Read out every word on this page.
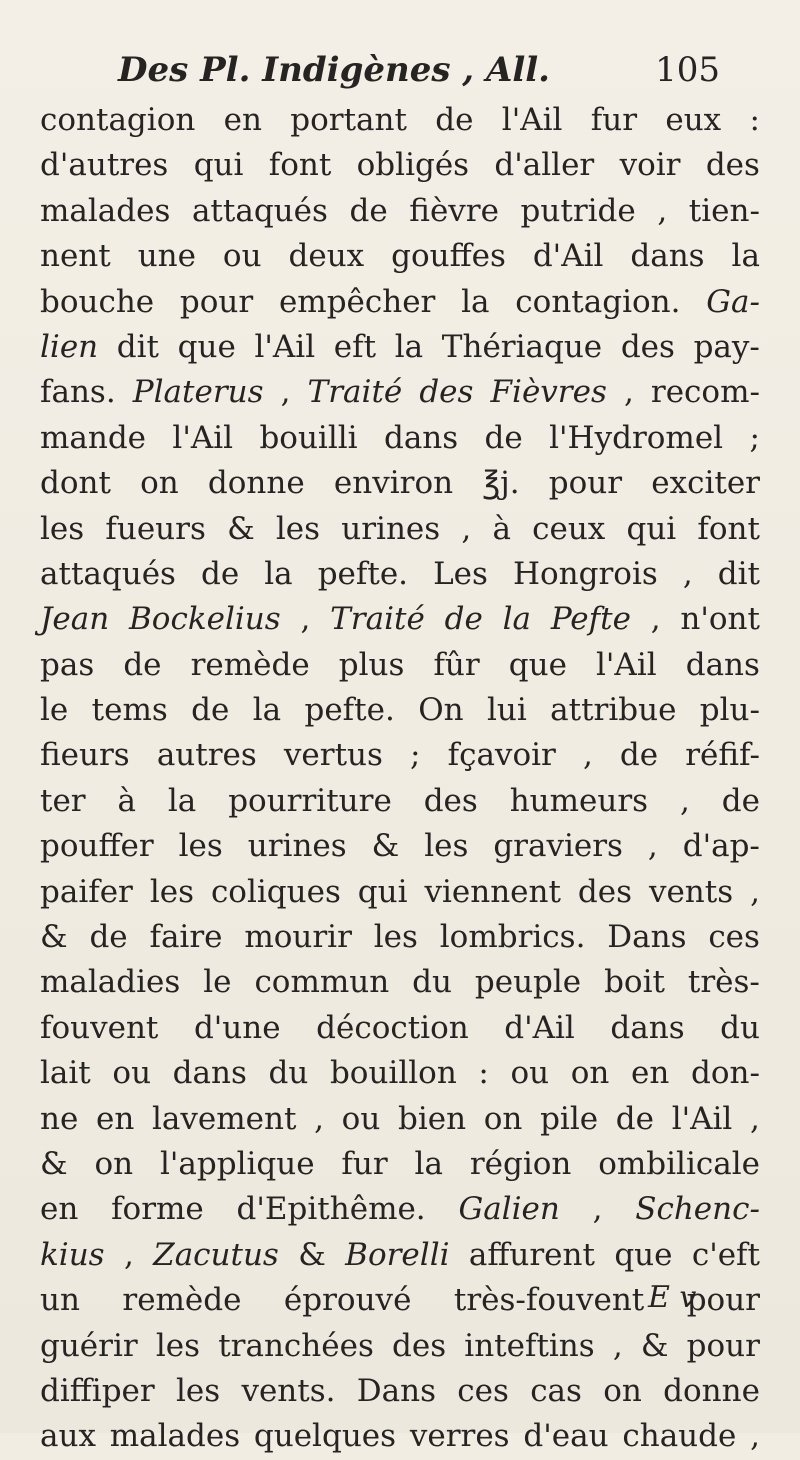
Des Pl. Indigènes , All.	105
contagion en portant de l'Ail fur eux :
d'autres qui font obligés d'aller voir des
malades attaqués de fièvre putride , tien-
nent une ou deux gouffes d'Ail dans la
bouche pour empêcher la contagion. Ga-
lien dit que l'Ail eft la Thériaque des pay-
fans. Platerus , Traité des Fièvres , recom-
mande l'Ail bouilli dans de l'Hydromel ;
dont on donne environ ℥j. pour exciter
les fueurs & les urines , à ceux qui font
attaqués de la pefte. Les Hongrois , dit
Jean Bockelius , Traité de la Pefte , n'ont
pas de remède plus fûr que l'Ail dans
le tems de la pefte. On lui attribue plu-
fieurs autres vertus ; fçavoir , de réfif-
ter à la pourriture des humeurs , de
pouffer les urines & les graviers , d'ap-
paifer les coliques qui viennent des vents ,
& de faire mourir les lombrics. Dans ces
maladies le commun du peuple boit très-
fouvent d'une décoction d'Ail dans du
lait ou dans du bouillon : ou on en don-
ne en lavement , ou bien on pile de l'Ail ,
& on l'applique fur la région ombilicale
en forme d'Epithême. Galien , Schenc-
kius , Zacutus & Borelli affurent que c'eft
un remède éprouvé très-fouvent pour
guérir les tranchées des inteftins , & pour
diffiper les vents. Dans ces cas on donne
aux malades quelques verres d'eau chaude ,
E v
